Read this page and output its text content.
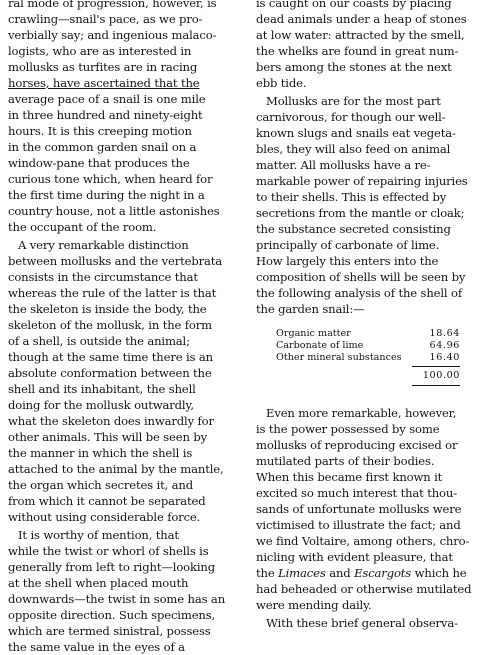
ral mode of progression, however, is
crawling—snail's pace, as we pro-
verbially say; and ingenious malaco-
logists, who are as interested in
mollusks as turfites are in racing
horses, have ascertained that the
average pace of a snail is one mile
in three hundred and ninety-eight
hours. It is this creeping motion
in the common garden snail on a
window-pane that produces the
curious tone which, when heard for
the first time during the night in a
country house, not a little astonishes
the occupant of the room.
A very remarkable distinction
between mollusks and the vertebrata
consists in the circumstance that
whereas the rule of the latter is that
the skeleton is inside the body, the
skeleton of the mollusk, in the form
of a shell, is outside the animal;
though at the same time there is an
absolute conformation between the
shell and its inhabitant, the shell
doing for the mollusk outwardly,
what the skeleton does inwardly for
other animals. This will be seen by
the manner in which the shell is
attached to the animal by the mantle,
the organ which secretes it, and
from which it cannot be separated
without using considerable force.
It is worthy of mention, that
while the twist or whorl of shells is
generally from left to right—looking
at the shell when placed mouth
downwards—the twist in some has an
opposite direction. Such specimens,
which are termed sinistral, possess
the same value in the eyes of a
is caught on our coasts by placing
dead animals under a heap of stones
at low water: attracted by the smell,
the whelks are found in great num-
bers among the stones at the next
ebb tide.
Mollusks are for the most part
carnivorous, for though our well-
known slugs and snails eat vegeta-
bles, they will also feed on animal
matter. All mollusks have a re-
markable power of repairing injuries
to their shells. This is effected by
secretions from the mantle or cloak;
the substance secreted consisting
principally of carbonate of lime.
How largely this enters into the
composition of shells will be seen by
the following analysis of the shell of
the garden snail:—
Organic matter	18.64
Carbonate of lime	64.96
Other mineral substances	16.40
100.00
Even more remarkable, however,
is the power possessed by some
mollusks of reproducing excised or
mutilated parts of their bodies.
When this became first known it
excited so much interest that thou-
sands of unfortunate mollusks were
victimised to illustrate the fact; and
we find Voltaire, among others, chro-
nicling with evident pleasure, that
the Limaces and Escargots which he
had beheaded or otherwise mutilated
were mending daily.
With these brief general observa-
